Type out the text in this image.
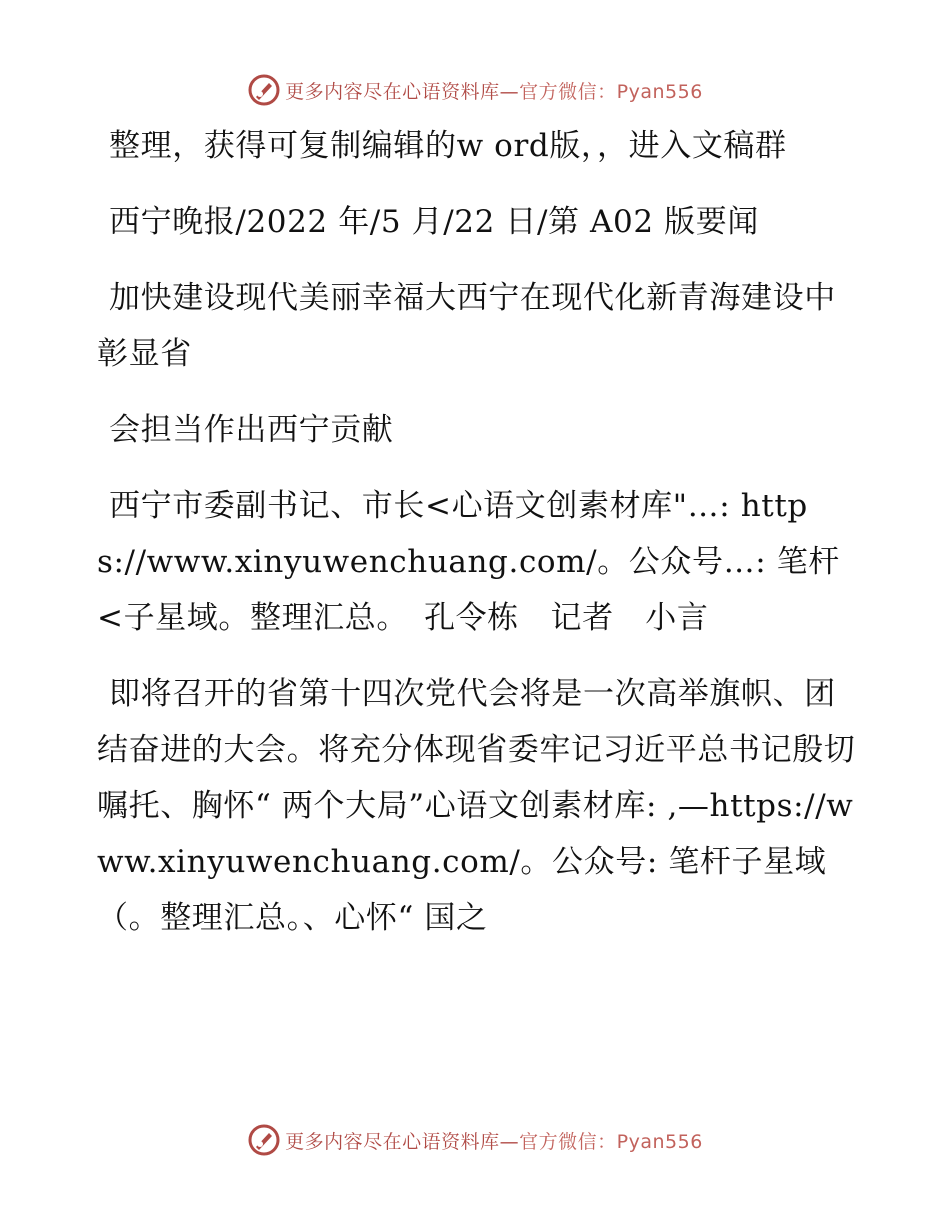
更多内容尽在心语资料库—官方微信：Pyan556

整理，获得可复制编辑的w ord版，，进入文稿群

西宁晚报/2022 年/5 月/22 日/第 A02 版要闻

加快建设现代美丽幸福大西宁在现代化新青海建设中彰显省

会担当作出西宁贡献

西宁市委副书记、市长<心语文创素材库"…: https://www.xinyuwenchuang.com/。公众号…: 笔杆<子星域。整理汇总。　孔令栋　记者　小言

即将召开的省第十四次党代会将是一次高举旗帜、团结奋进的大会。将充分体现省委牢记习近平总书记殷切嘱托、胸怀“ 两个大局”心语文创素材库: ,—https://www.xinyuwenchuang.com/。公众号: 笔杆子星域（。整理汇总。、心怀“ 国之

更多内容尽在心语资料库—官方微信：Pyan556
